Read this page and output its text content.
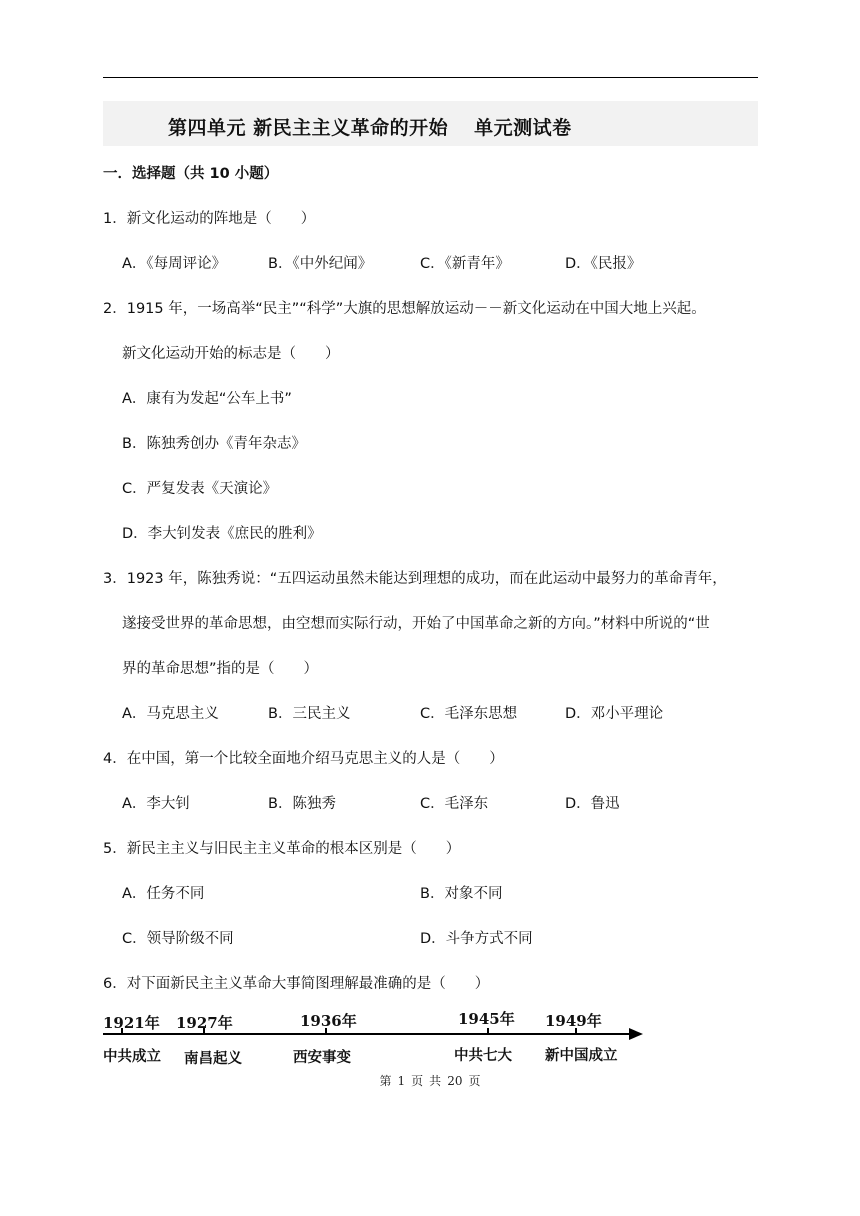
第四单元 新民主主义革命的开始 单元测试卷
一．选择题（共 10 小题）
1．新文化运动的阵地是（　　）
A．《每周评论》	B．《中外纪闻》	C．《新青年》	D．《民报》
2．1915 年，一场高举“民主”“科学”大旗的思想解放运动－－新文化运动在中国大地上兴起。
新文化运动开始的标志是（　　）
A．康有为发起“公车上书”
B．陈独秀创办《青年杂志》
C．严复发表《天演论》
D．李大钊发表《庶民的胜利》
3．1923 年，陈独秀说：“五四运动虽然未能达到理想的成功，而在此运动中最努力的革命青年，
遂接受世界的革命思想，由空想而实际行动，开始了中国革命之新的方向。”材料中所说的“世
界的革命思想”指的是（　　）
A．马克思主义	B．三民主义	C．毛泽东思想	D．邓小平理论
4．在中国，第一个比较全面地介绍马克思主义的人是（　　）
A．李大钊	B．陈独秀	C．毛泽东	D．鲁迅
5．新民主主义与旧民主主义革命的根本区别是（　　）
A．任务不同	B．对象不同
C．领导阶级不同	D．斗争方式不同
6．对下面新民主主义革命大事简图理解最准确的是（　　）
1921年 1927年	1936年	1945年 1949年
中共成立 南昌起义	西安事变	中共七大 新中国成立
第 1 页 共 20 页
